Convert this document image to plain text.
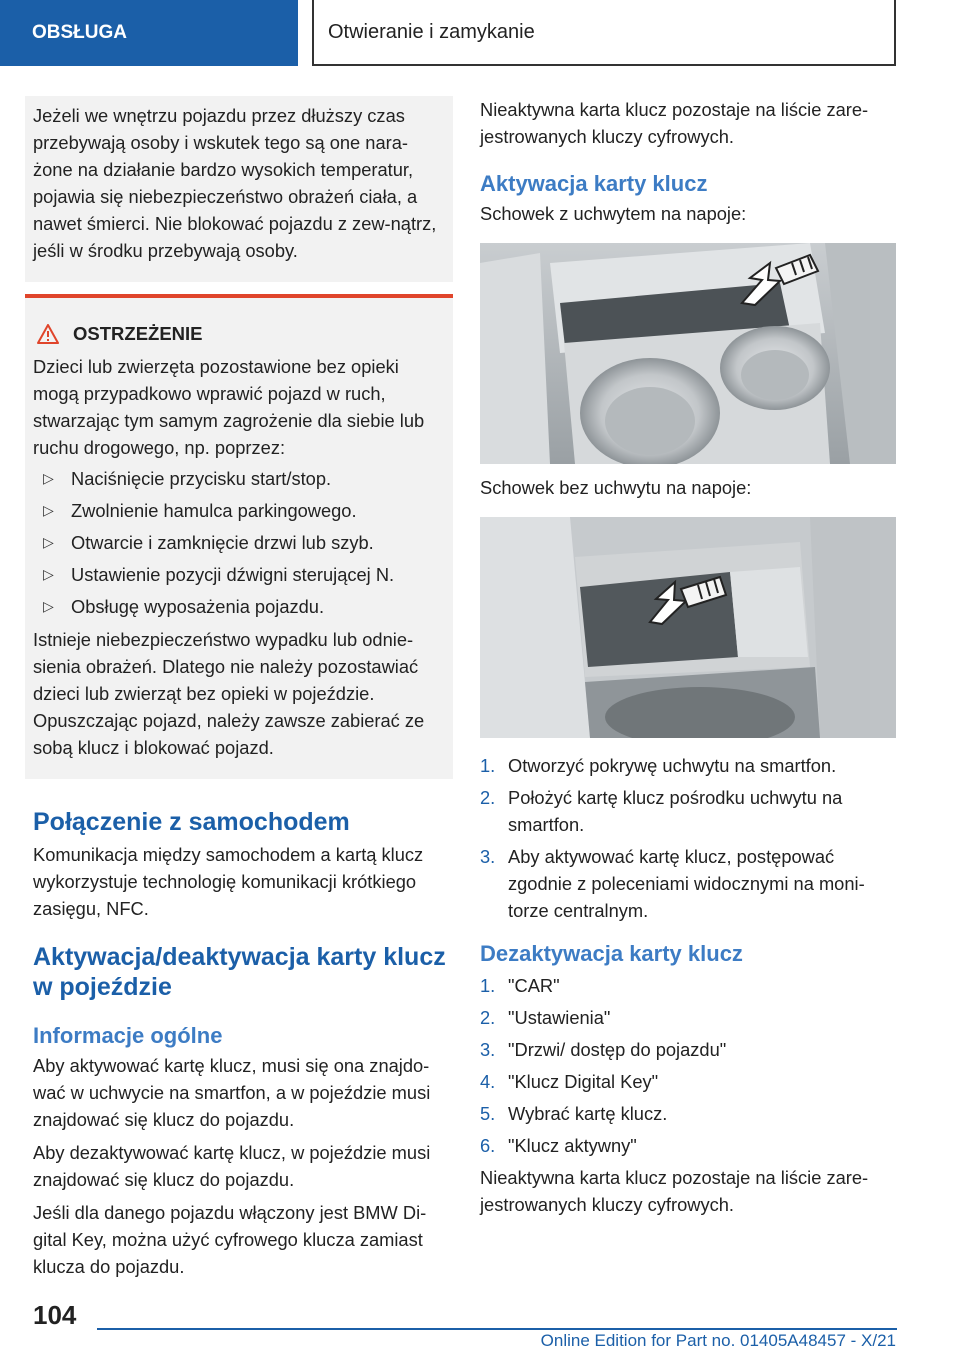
OBSŁUGA	Otwieranie i zamykanie

Jeżeli we wnętrzu pojazdu przez dłuższy czas przebywają osoby i wskutek tego są one nara-żone na działanie bardzo wysokich temperatur, pojawia się niebezpieczeństwo obrażeń ciała, a nawet śmierci. Nie blokować pojazdu z zew-nątrz, jeśli w środku przebywają osoby.

OSTRZEŻENIE

Dzieci lub zwierzęta pozostawione bez opieki mogą przypadkowo wprawić pojazd w ruch, stwarzając tym samym zagrożenie dla siebie lub ruchu drogowego, np. poprzez:

▷ Naciśnięcie przycisku start/stop.
▷ Zwolnienie hamulca parkingowego.
▷ Otwarcie i zamknięcie drzwi lub szyb.
▷ Ustawienie pozycji dźwigni sterującej N.
▷ Obsługę wyposażenia pojazdu.

Istnieje niebezpieczeństwo wypadku lub odnie-sienia obrażeń. Dlatego nie należy pozostawiać dzieci lub zwierząt bez opieki w pojeździe. Opuszczając pojazd, należy zawsze zabierać ze sobą klucz i blokować pojazd.

Połączenie z samochodem

Komunikacja między samochodem a kartą klucz wykorzystuje technologię komunikacji krótkiego zasięgu, NFC.

Aktywacja/deaktywacja karty klucz w pojeździe
Informacje ogólne

Aby aktywować kartę klucz, musi się ona znajdo-wać w uchwycie na smartfon, a w pojeździe musi znajdować się klucz do pojazdu.

Aby dezaktywować kartę klucz, w pojeździe musi znajdować się klucz do pojazdu.

Jeśli dla danego pojazdu włączony jest BMW Di-gital Key, można użyć cyfrowego klucza zamiast klucza do pojazdu.

Nieaktywna karta klucz pozostaje na liście zare-jestrowanych kluczy cyfrowych.

Aktywacja karty klucz

Schowek z uchwytem na napoje:

Schowek bez uchwytu na napoje:

1. Otworzyć pokrywę uchwytu na smartfon.
2. Położyć kartę klucz pośrodku uchwytu na smartfon.
3. Aby aktywować kartę klucz, postępować zgodnie z poleceniami widocznymi na moni-torze centralnym.
Dezaktywacja karty klucz
1. "CAR"
2. "Ustawienia"
3. "Drzwi/ dostęp do pojazdu"
4. "Klucz Digital Key"
5. Wybrać kartę klucz.
6. "Klucz aktywny"

Nieaktywna karta klucz pozostaje na liście zare-jestrowanych kluczy cyfrowych.

104
Online Edition for Part no. 01405A48457 - X/21
